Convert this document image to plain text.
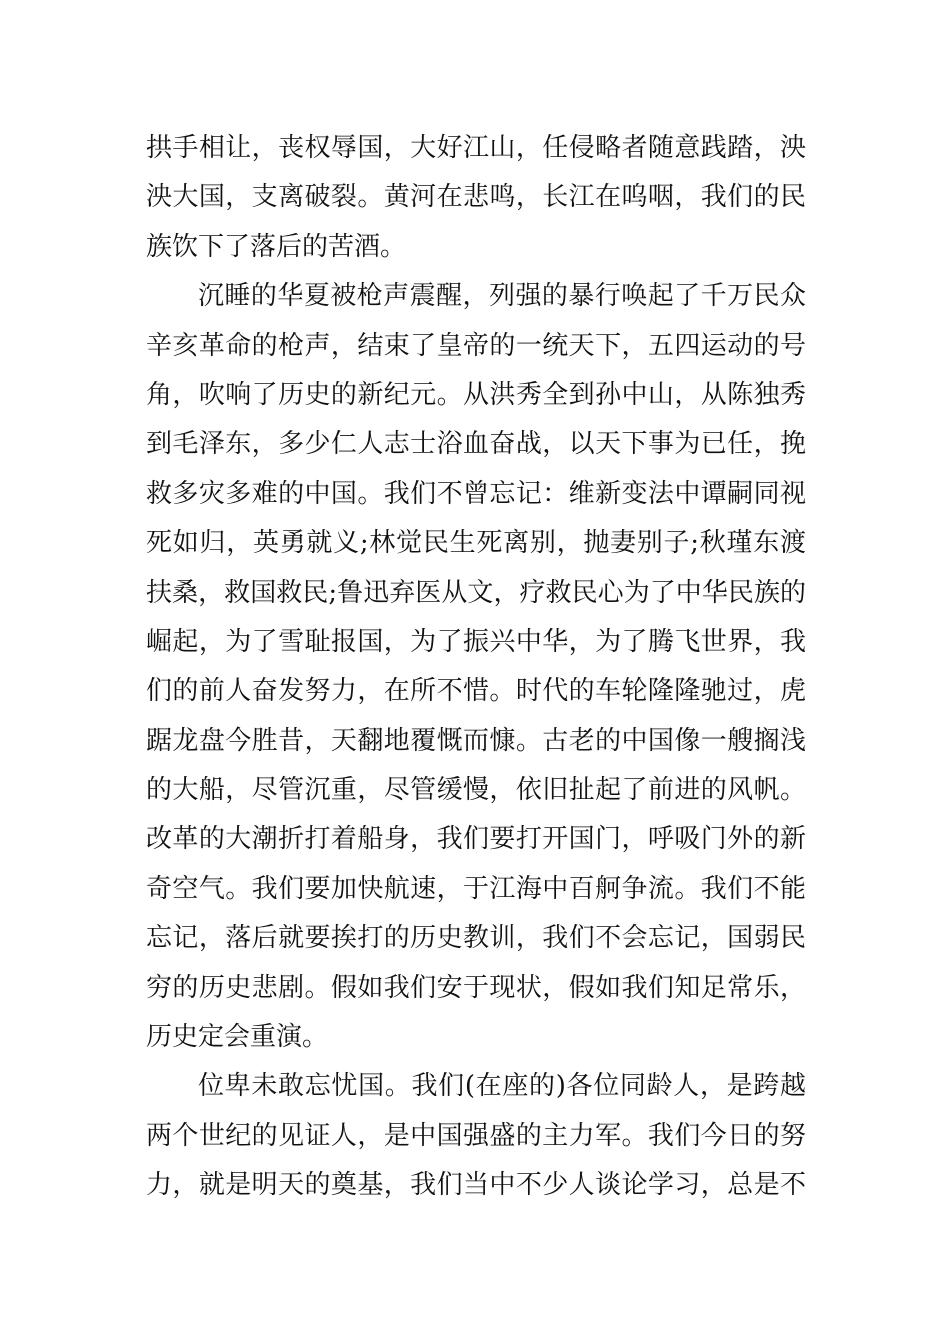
拱手相让，丧权辱国，大好江山，任侵略者随意践踏，泱
泱大国，支离破裂。黄河在悲鸣，长江在呜咽，我们的民
族饮下了落后的苦酒。
沉睡的华夏被枪声震醒，列强的暴行唤起了千万民众
辛亥革命的枪声，结束了皇帝的一统天下，五四运动的号
角，吹响了历史的新纪元。从洪秀全到孙中山，从陈独秀
到毛泽东，多少仁人志士浴血奋战，以天下事为已任，挽
救多灾多难的中国。我们不曾忘记：维新变法中谭嗣同视
死如归，英勇就义;林觉民生死离别，抛妻别子;秋瑾东渡
扶桑，救国救民;鲁迅弃医从文，疗救民心为了中华民族的
崛起，为了雪耻报国，为了振兴中华，为了腾飞世界，我
们的前人奋发努力，在所不惜。时代的车轮隆隆驰过，虎
踞龙盘今胜昔，天翻地覆慨而慷。古老的中国像一艘搁浅
的大船，尽管沉重，尽管缓慢，依旧扯起了前进的风帆。
改革的大潮折打着船身，我们要打开国门，呼吸门外的新
奇空气。我们要加快航速，于江海中百舸争流。我们不能
忘记，落后就要挨打的历史教训，我们不会忘记，国弱民
穷的历史悲剧。假如我们安于现状，假如我们知足常乐，
历史定会重演。
位卑未敢忘忧国。我们(在座的)各位同龄人，是跨越
两个世纪的见证人，是中国强盛的主力军。我们今日的努
力，就是明天的奠基，我们当中不少人谈论学习，总是不
